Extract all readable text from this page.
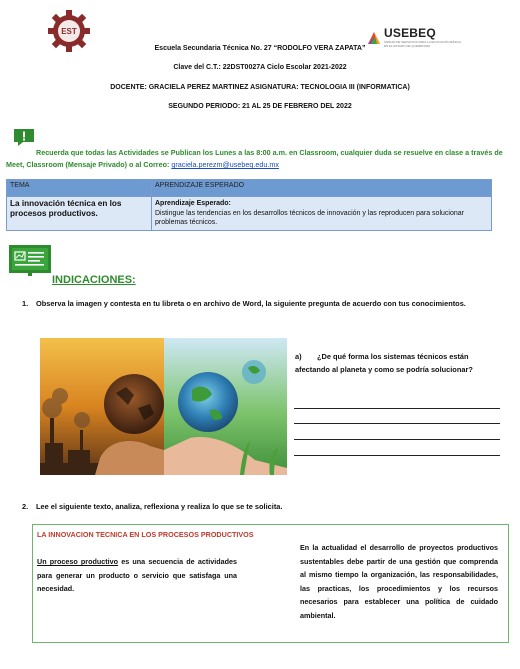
EST	USEBEQ
UNIDAD DE SERVICIOS PARA LA EDUCACIÓN BÁSICA EN EL ESTADO DE QUERÉTARO
Escuela Secundaria Técnica No. 27 “RODOLFO VERA ZAPATA”
Clave del C.T.: 22DST0027A Ciclo Escolar 2021-2022
DOCENTE: GRACIELA PEREZ MARTINEZ ASIGNATURA: TECNOLOGIA III (INFORMATICA)
SEGUNDO PERIODO: 21 AL 25 DE FEBRERO DEL 2022
Recuerda que todas las Actividades se Publican los Lunes a las 8:00 a.m. en Classroom, cualquier duda se resuelve en clase a través de Meet, Classroom (Mensaje Privado) o al Correo: graciela.perezm@usebeq.edu.mx
TEMA	APRENDIZAJE ESPERADO
La innovación técnica en los procesos productivos.	Aprendizaje Esperado:
Distingue las tendencias en los desarrollos técnicos de innovación y las reproducen para solucionar problemas técnicos.
INDICACIONES:
1. Observa la imagen y contesta en tu libreta o en archivo de Word, la siguiente pregunta de acuerdo con tus conocimientos.
a) ¿De qué forma los sistemas técnicos están afectando al planeta y como se podría solucionar?
2. Lee el siguiente texto, analiza, reflexiona y realiza lo que se te solicita.
LA INNOVACION TECNICA EN LOS PROCESOS PRODUCTIVOS
Un proceso productivo es una secuencia de actividades para generar un producto o servicio que satisfaga una necesidad.
En la actualidad el desarrollo de proyectos productivos sustentables debe partir de una gestión que comprenda al mismo tiempo la organización, las responsabilidades, las practicas, los procedimientos y los recursos necesarios para establecer una política de cuidado ambiental.
